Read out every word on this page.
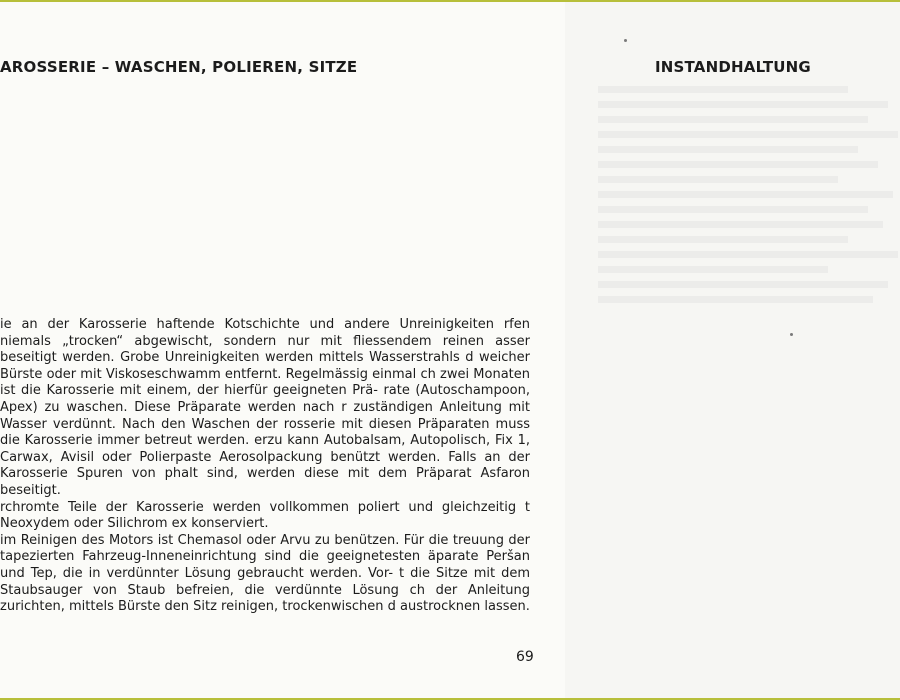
AROSSERIE – WASCHEN, POLIEREN, SITZE	INSTANDHALTUNG

ie an der Karosserie haftende Kotschichte und andere Unreinigkeiten rfen niemals „trocken“ abgewischt, sondern nur mit fliessendem reinen asser beseitigt werden. Grobe Unreinigkeiten werden mittels Wasserstrahls d weicher Bürste oder mit Viskoseschwamm entfernt. Regelmässig einmal ch zwei Monaten ist die Karosserie mit einem, der hierfür geeigneten Prä- rate (Autoschampoon, Apex) zu waschen. Diese Präparate werden nach r zuständigen Anleitung mit Wasser verdünnt. Nach den Waschen der rosserie mit diesen Präparaten muss die Karosserie immer betreut werden. erzu kann Autobalsam, Autopolisch, Fix 1, Carwax, Avisil oder Polierpaste Aerosolpackung benützt werden. Falls an der Karosserie Spuren von phalt sind, werden diese mit dem Präparat Asfaron beseitigt.

rchromte Teile der Karosserie werden vollkommen poliert und gleichzeitig t Neoxydem oder Silichrom ex konserviert.

im Reinigen des Motors ist Chemasol oder Arvu zu benützen. Für die treuung der tapezierten Fahrzeug-Inneneinrichtung sind die geeignetesten äparate Peršan und Tep, die in verdünnter Lösung gebraucht werden. Vor- t die Sitze mit dem Staubsauger von Staub befreien, die verdünnte Lösung ch der Anleitung zurichten, mittels Bürste den Sitz reinigen, trockenwischen d austrocknen lassen.

69
